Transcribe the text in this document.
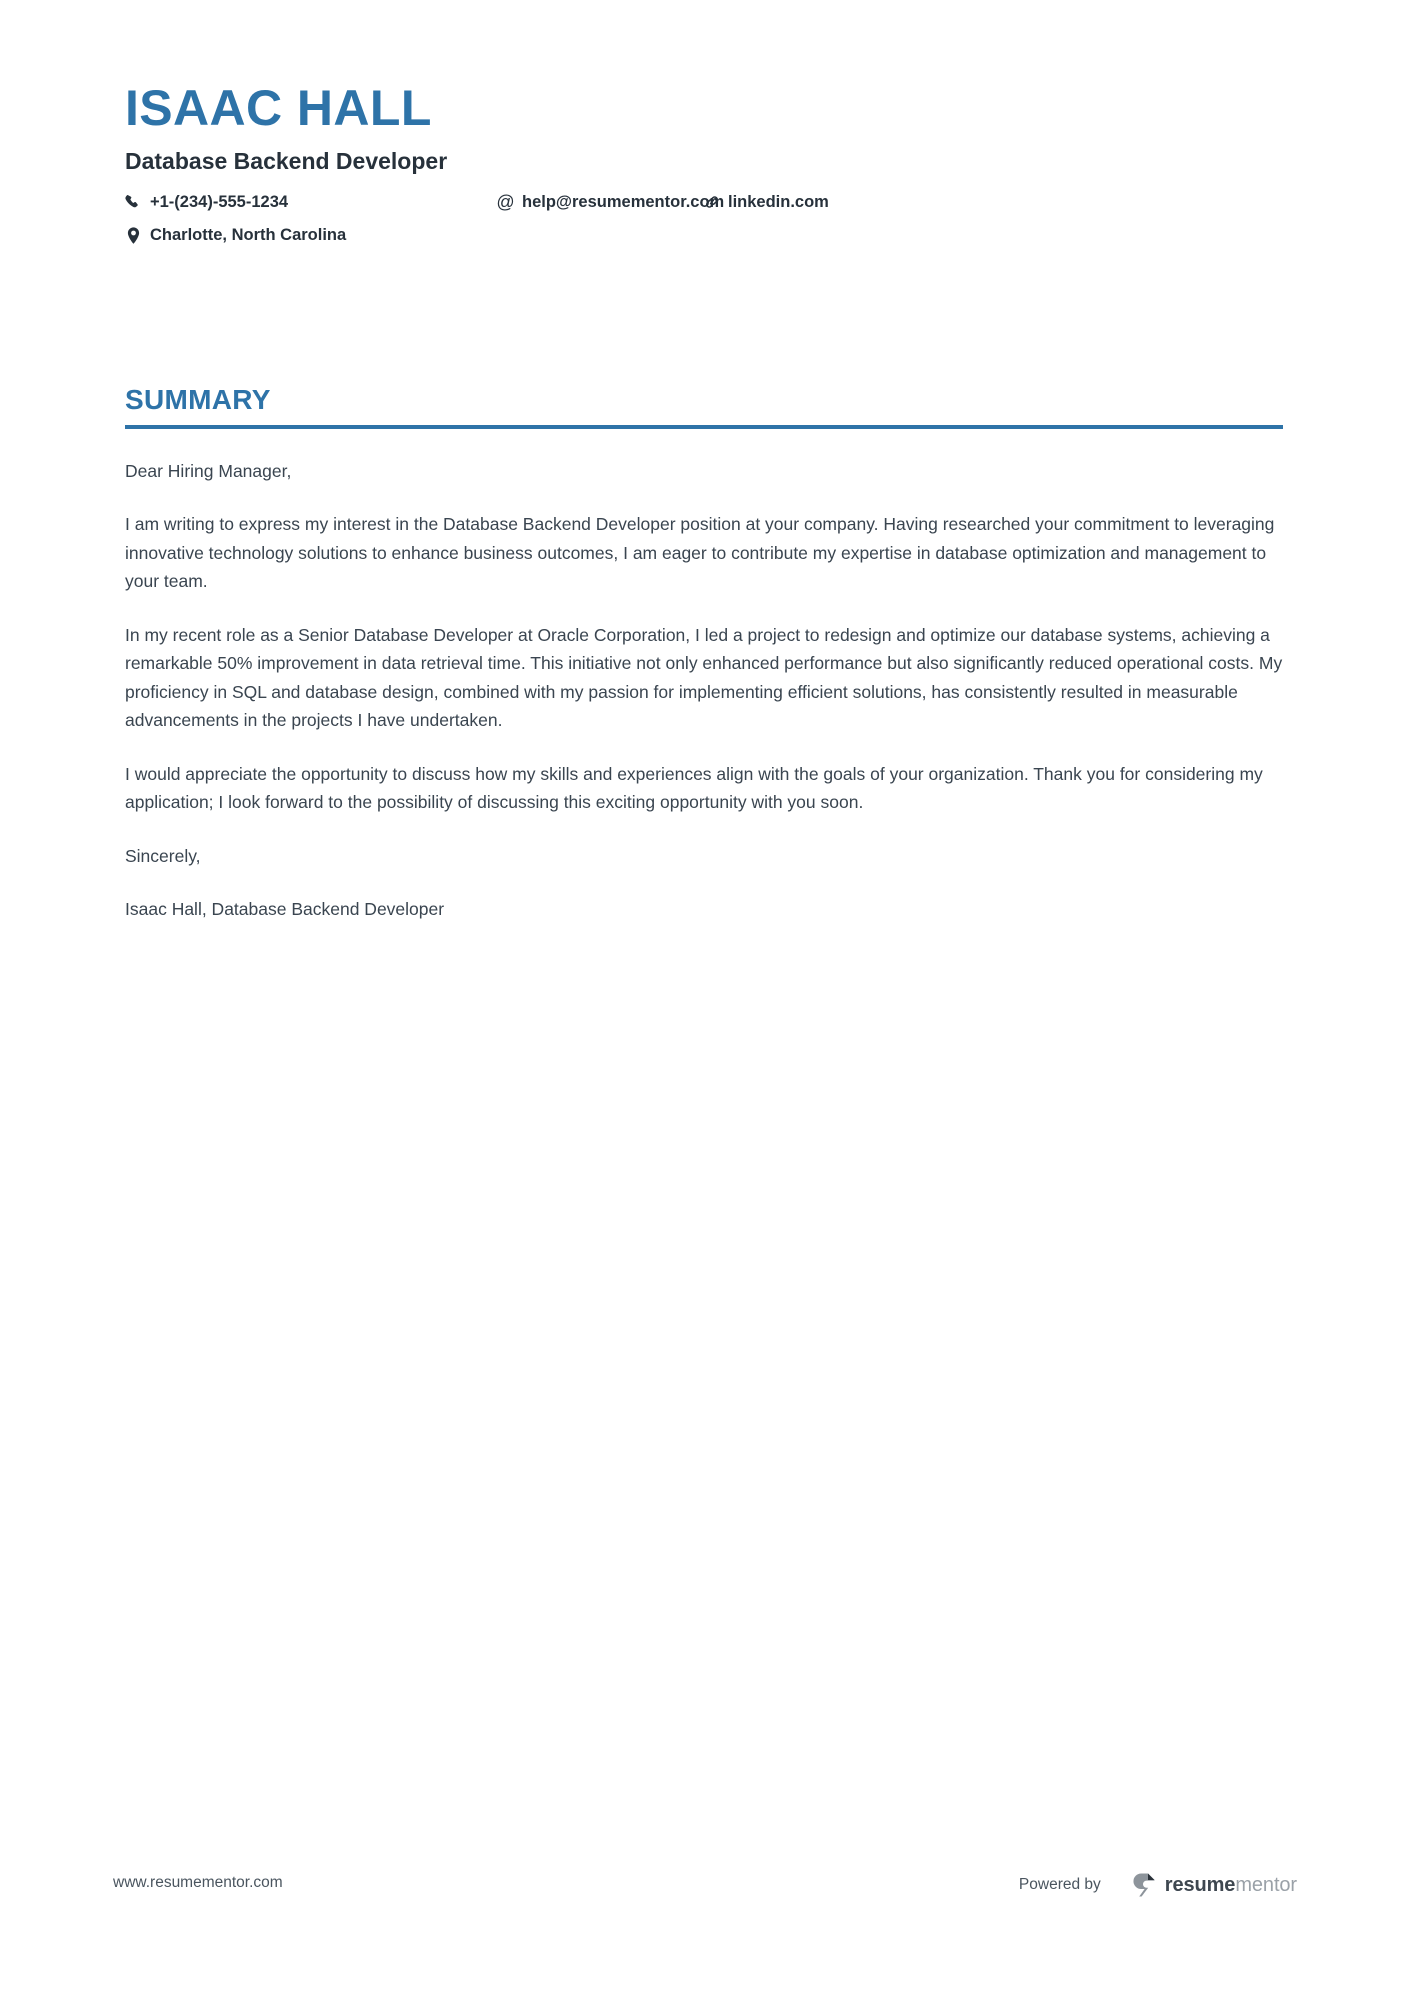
ISAAC HALL
Database Backend Developer
+1-(234)-555-1234	@ help@resumementor.com linkedin.com
Charlotte, North Carolina
SUMMARY

Dear Hiring Manager,

I am writing to express my interest in the Database Backend Developer position at your company. Having researched your commitment to leveraging innovative technology solutions to enhance business outcomes, I am eager to contribute my expertise in database optimization and management to your team.

In my recent role as a Senior Database Developer at Oracle Corporation, I led a project to redesign and optimize our database systems, achieving a remarkable 50% improvement in data retrieval time. This initiative not only enhanced performance but also significantly reduced operational costs. My proficiency in SQL and database design, combined with my passion for implementing efficient solutions, has consistently resulted in measurable advancements in the projects I have undertaken.

I would appreciate the opportunity to discuss how my skills and experiences align with the goals of your organization. Thank you for considering my application; I look forward to the possibility of discussing this exciting opportunity with you soon.

Sincerely,

Isaac Hall, Database Backend Developer

www.resumementor.com	Powered by	resumementor
